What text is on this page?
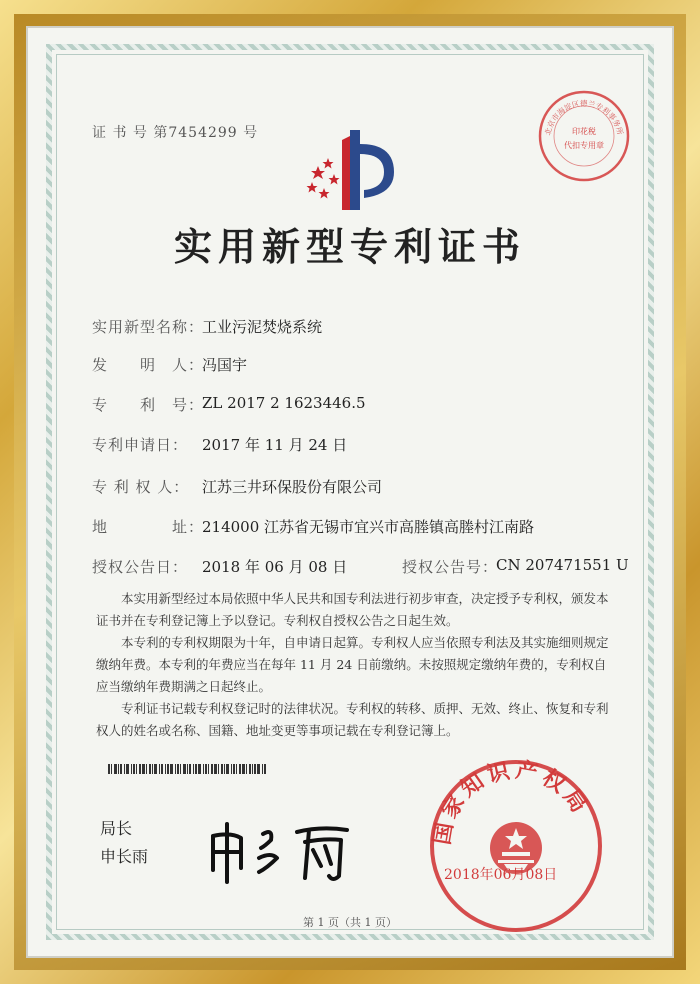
证 书 号 第7454299 号	北京市海淀区德兰专利事务所
印花税
代扣专用章
实用新型专利证书
实用新型名称：
工业污泥焚烧系统
发　　明　人：
冯国宇
专　　利　号：
ZL 2017 2 1623446.5
专利申请日： 2017 年 11 月 24 日
专 利 权 人： 江苏三井环保股份有限公司
地　　　　址：
214000 江苏省无锡市宜兴市高塍镇高塍村江南路
授权公告日： 2018 年 06 月 08 日	授权公告号：
CN 207471551 U
本实用新型经过本局依照中华人民共和国专利法进行初步审查，决定授予专利权，颁发本证书并在专利登记簿上予以登记。专利权自授权公告之日起生效。
本专利的专利权期限为十年，自申请日起算。专利权人应当依照专利法及其实施细则规定缴纳年费。本专利的年费应当在每年 11 月 24 日前缴纳。未按照规定缴纳年费的，专利权自应当缴纳年费期满之日起终止。
专利证书记载专利权登记时的法律状况。专利权的转移、质押、无效、终止、恢复和专利权人的姓名或名称、国籍、地址变更等事项记载在专利登记簿上。
局长
申长雨
国家知识产权局
2018年06月08日
第 1 页（共 1 页）
